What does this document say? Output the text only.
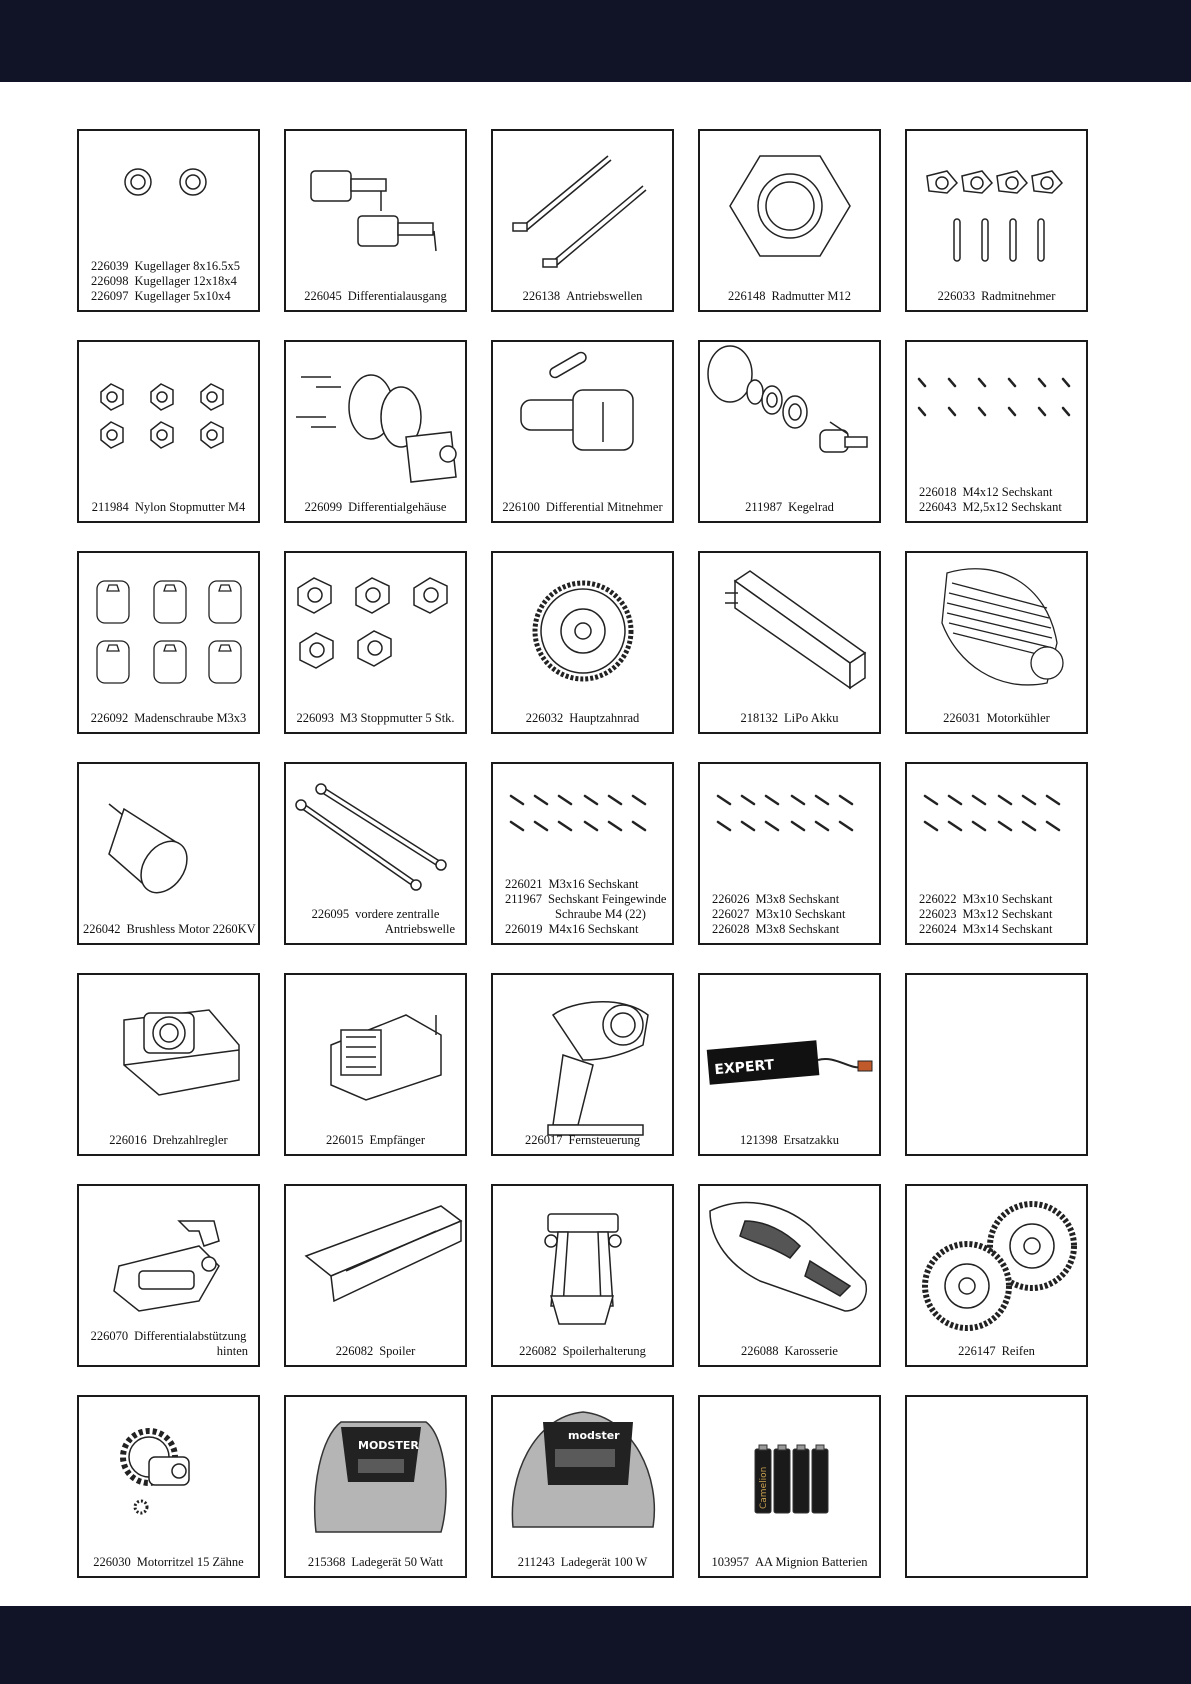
226039 Kugellager 8x16.5x5
226098 Kugellager 12x18x4
226097 Kugellager 5x10x4	226045 Differentialausgang	226138 Antriebswellen	226148 Radmutter M12	226033 Radmitnehmer
211984 Nylon Stopmutter M4	226099 Differentialgehäuse	226100 Differential Mitnehmer	211987 Kegelrad
226018 M4x12 Sechskant
226043 M2,5x12 Sechskant
226092 Madenschraube M3x3	226093 M3 Stoppmutter 5 Stk.	226032 Hauptzahnrad	218132 LiPo Akku	226031 Motorkühler
226042 Brushless Motor 2260KV
226095 vordere zentralle
Antriebswelle
226021 M3x16 Sechskant
211967 Sechskant Feingewinde
Schraube M4 (22)
226019 M4x16 Sechskant
226026 M3x8 Sechskant
226027 M3x10 Sechskant
226028 M3x8 Sechskant
226022 M3x10 Sechskant
226023 M3x12 Sechskant
226024 M3x14 Sechskant
226016 Drehzahlregler	226015 Empfänger	226017 Fernsteuerung
EXPERT
121398 Ersatzakku
226070 Differentialabstützung
hinten	226082 Spoiler	226082 Spoilerhalterung	226088 Karosserie	226147 Reifen
226030 Motorritzel 15 Zähne
MODSTER
215368 Ladegerät 50 Watt
modster
211243 Ladegerät 100 W
Camelion
103957 AA Mignion Batterien
